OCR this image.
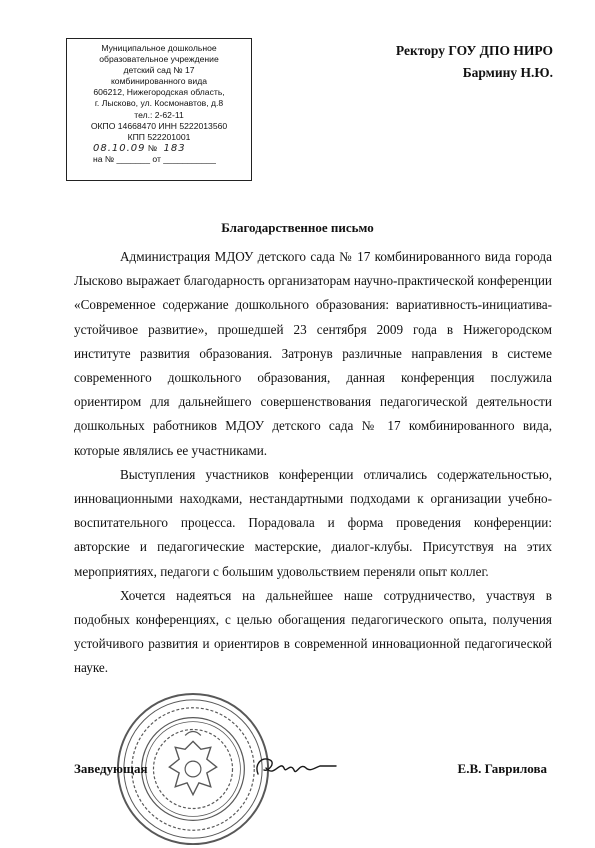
Муниципальное дошкольное
образовательное учреждение
детский сад № 17
комбинированного вида
606212, Нижегородская область,
г. Лысково, ул. Космонавтов, д.8
тел.: 2-62-11
ОКПО 14668470 ИНН 5222013560
КПП 522201001
08.10.09 № 183
на № _______ от ___________
Ректору ГОУ ДПО НИРО
Бармину Н.Ю.
Благодарственное письмо

Администрация МДОУ детского сада № 17 комбинированного вида города Лысково выражает благодарность организаторам научно-практической конференции «Современное содержание дошкольного образования: вариативность-инициатива-устойчивое развитие», прошедшей 23 сентября 2009 года в Нижегородском институте развития образования. Затронув различные направления в системе современного дошкольного образования, данная конференция послужила ориентиром для дальнейшего совершенствования педагогической деятельности дошкольных работников МДОУ детского сада № 17 комбинированного вида, которые являлись ее участниками.

Выступления участников конференции отличались содержательностью, инновационными находками, нестандартными подходами к организации учебно-воспитательного процесса. Порадовала и форма проведения конференции: авторские и педагогические мастерские, диалог-клубы. Присутствуя на этих мероприятиях, педагоги с большим удовольствием переняли опыт коллег.

Хочется надеяться на дальнейшее наше сотрудничество, участвуя в подобных конференциях, с целью обогащения педагогического опыта, получения устойчивого развития и ориентиров в современной инновационной педагогической науке.

Заведующая	Е.В. Гаврилова
